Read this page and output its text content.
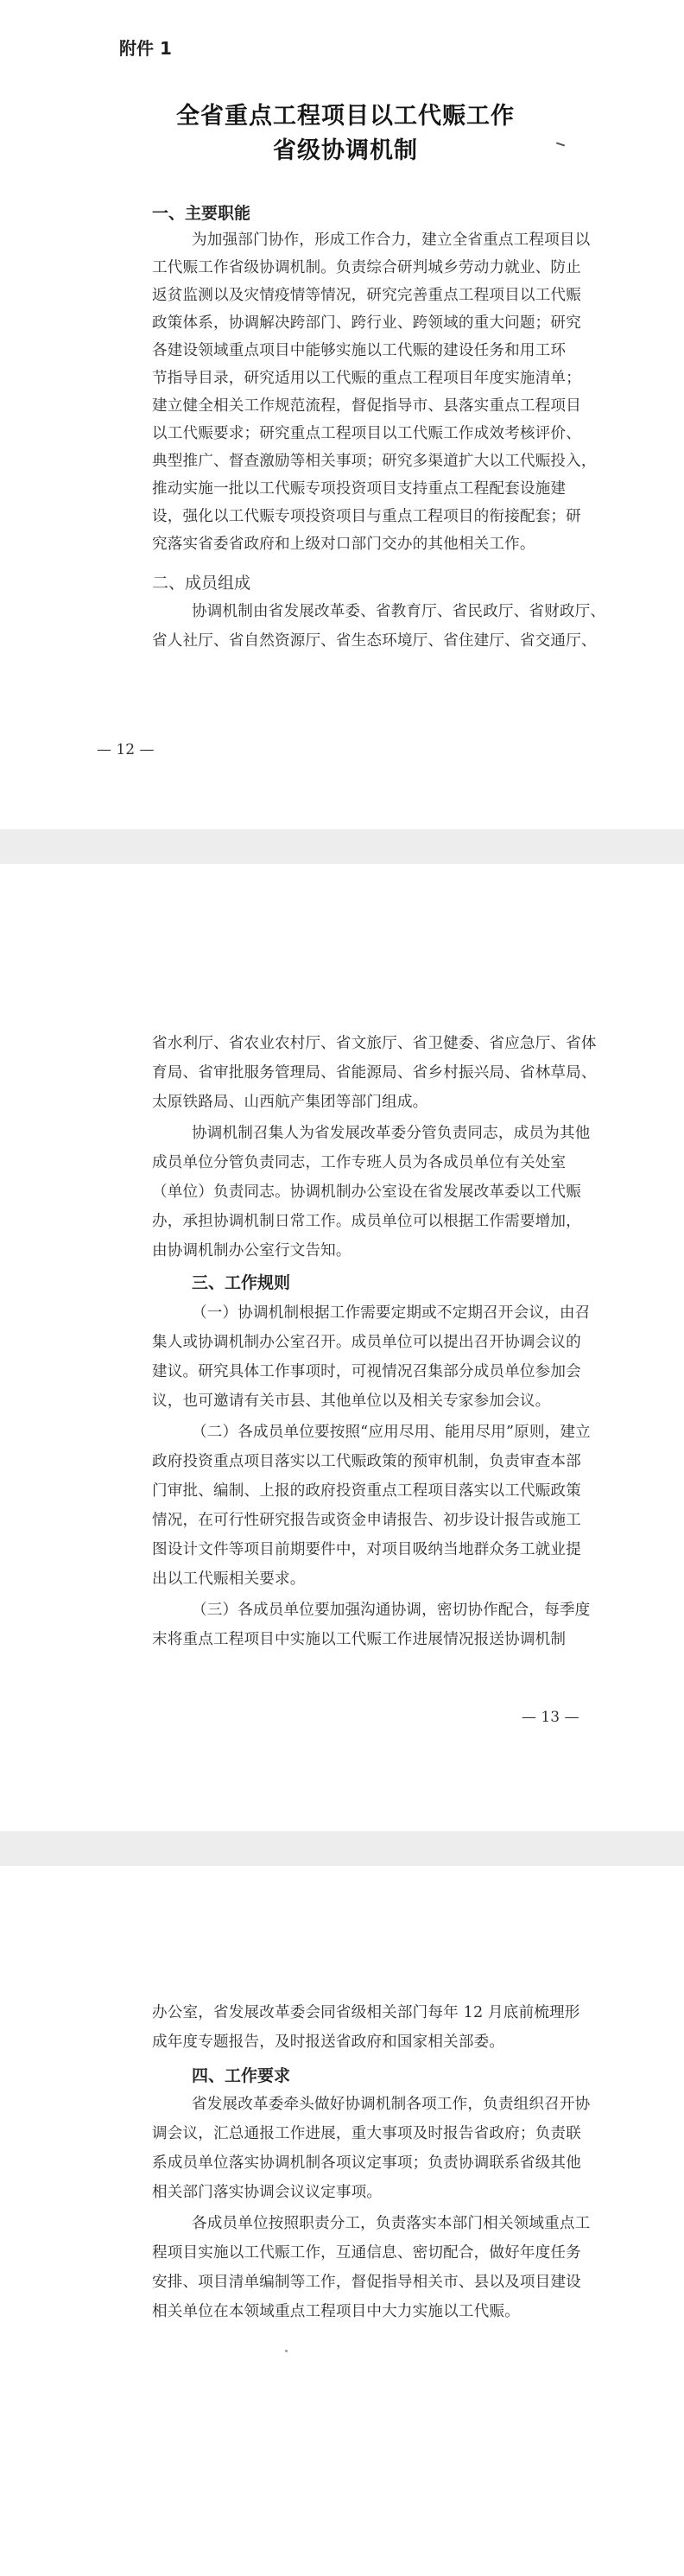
附件 1
全省重点工程项目以工代赈工作
省级协调机制
一、主要职能
为加强部门协作，形成工作合力，建立全省重点工程项目以
工代赈工作省级协调机制。负责综合研判城乡劳动力就业、防止
返贫监测以及灾情疫情等情况，研究完善重点工程项目以工代赈
政策体系，协调解决跨部门、跨行业、跨领域的重大问题；研究
各建设领域重点项目中能够实施以工代赈的建设任务和用工环
节指导目录，研究适用以工代赈的重点工程项目年度实施清单；
建立健全相关工作规范流程，督促指导市、县落实重点工程项目
以工代赈要求；研究重点工程项目以工代赈工作成效考核评价、
典型推广、督查激励等相关事项；研究多渠道扩大以工代赈投入，
推动实施一批以工代赈专项投资项目支持重点工程配套设施建
设，强化以工代赈专项投资项目与重点工程项目的衔接配套；研
究落实省委省政府和上级对口部门交办的其他相关工作。
二、成员组成
协调机制由省发展改革委、省教育厅、省民政厅、省财政厅、
省人社厅、省自然资源厅、省生态环境厅、省住建厅、省交通厅、
— 12 —
省水利厅、省农业农村厅、省文旅厅、省卫健委、省应急厅、省体
育局、省审批服务管理局、省能源局、省乡村振兴局、省林草局、
太原铁路局、山西航产集团等部门组成。
协调机制召集人为省发展改革委分管负责同志，成员为其他
成员单位分管负责同志，工作专班人员为各成员单位有关处室
（单位）负责同志。协调机制办公室设在省发展改革委以工代赈
办，承担协调机制日常工作。成员单位可以根据工作需要增加，
由协调机制办公室行文告知。
三、工作规则
（一）协调机制根据工作需要定期或不定期召开会议，由召
集人或协调机制办公室召开。成员单位可以提出召开协调会议的
建议。研究具体工作事项时，可视情况召集部分成员单位参加会
议，也可邀请有关市县、其他单位以及相关专家参加会议。
（二）各成员单位要按照“应用尽用、能用尽用”原则，建立
政府投资重点项目落实以工代赈政策的预审机制，负责审查本部
门审批、编制、上报的政府投资重点工程项目落实以工代赈政策
情况，在可行性研究报告或资金申请报告、初步设计报告或施工
图设计文件等项目前期要件中，对项目吸纳当地群众务工就业提
出以工代赈相关要求。
（三）各成员单位要加强沟通协调，密切协作配合，每季度
末将重点工程项目中实施以工代赈工作进展情况报送协调机制
— 13 —
办公室，省发展改革委会同省级相关部门每年 12 月底前梳理形
成年度专题报告，及时报送省政府和国家相关部委。
四、工作要求
省发展改革委牵头做好协调机制各项工作，负责组织召开协
调会议，汇总通报工作进展，重大事项及时报告省政府；负责联
系成员单位落实协调机制各项议定事项；负责协调联系省级其他
相关部门落实协调会议议定事项。
各成员单位按照职责分工，负责落实本部门相关领域重点工
程项目实施以工代赈工作，互通信息、密切配合，做好年度任务
安排、项目清单编制等工作，督促指导相关市、县以及项目建设
相关单位在本领域重点工程项目中大力实施以工代赈。
